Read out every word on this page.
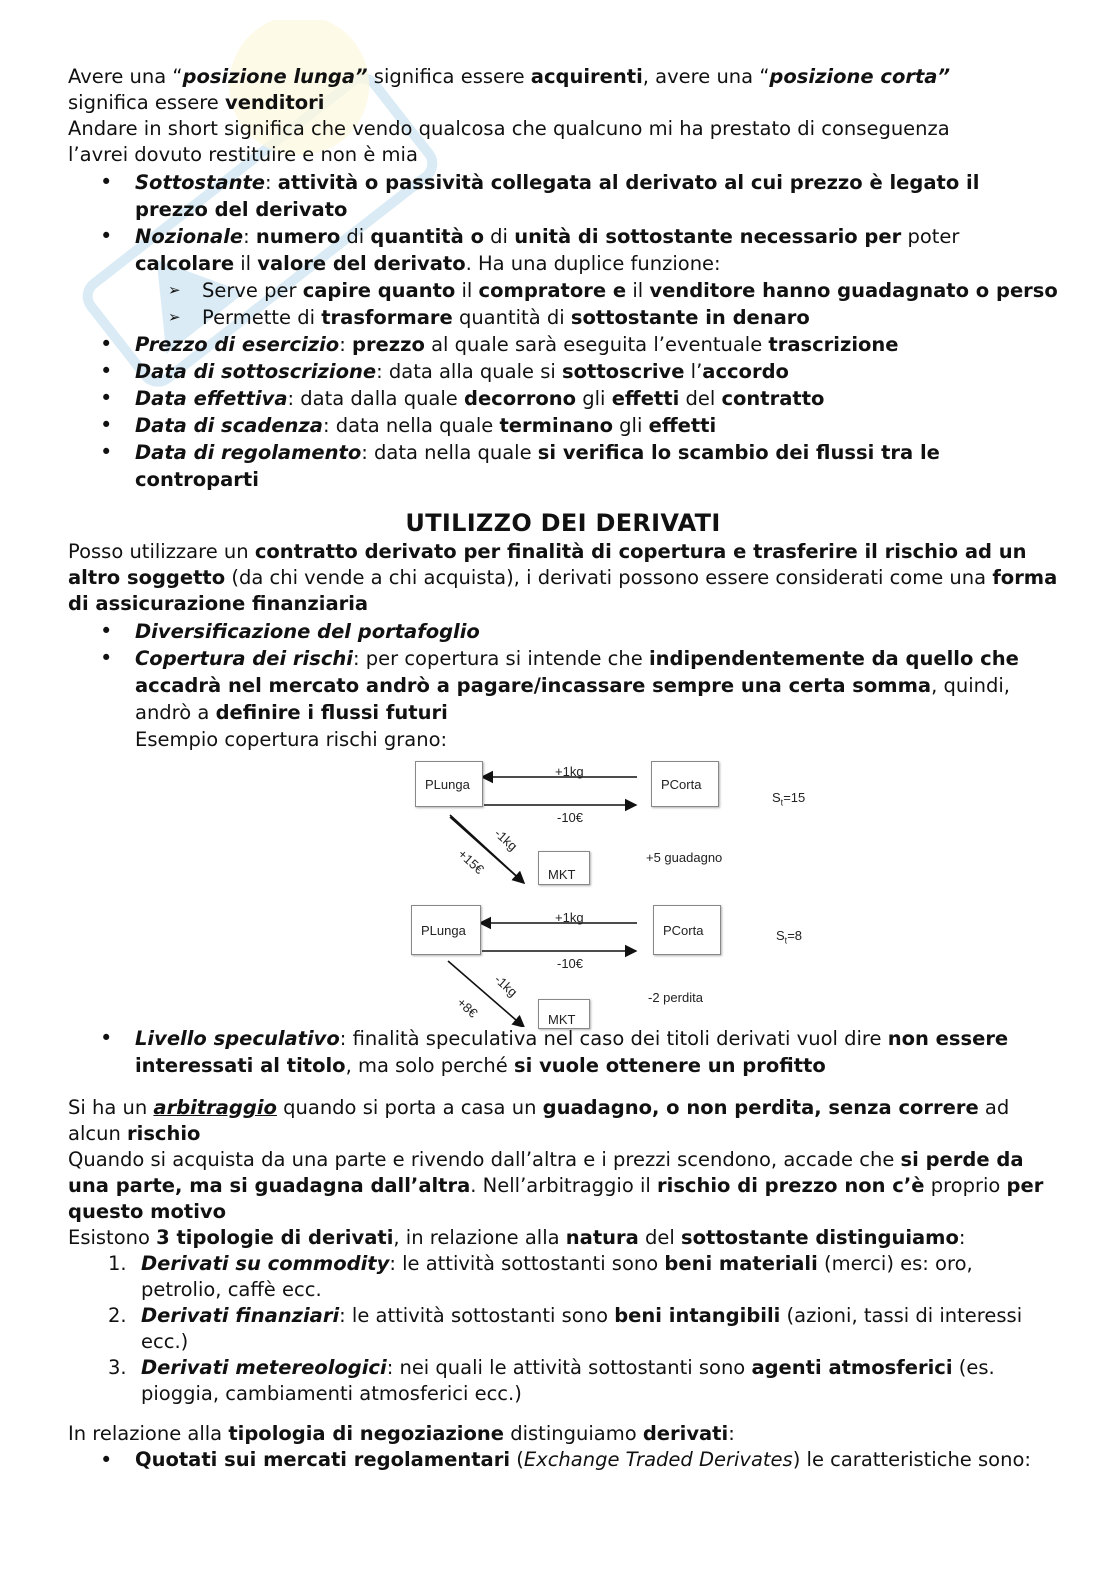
Avere una “posizione lunga” significa essere acquirenti, avere una “posizione corta”

significa essere venditori

Andare in short significa che vendo qualcosa che qualcuno mi ha prestato di conseguenza

l’avrei dovuto restituire e non è mia

• Sottostante: attività o passività collegata al derivato al cui prezzo è legato il prezzo del derivato
• Nozionale: numero di quantità o di unità di sottostante necessario per poter calcolare il valore del derivato. Ha una duplice funzione:
➢ Serve per capire quanto il compratore e il venditore hanno guadagnato o perso
➢ Permette di trasformare quantità di sottostante in denaro
• Prezzo di esercizio: prezzo al quale sarà eseguita l’eventuale trascrizione
• Data di sottoscrizione: data alla quale si sottoscrive l’accordo
• Data effettiva: data dalla quale decorrono gli effetti del contratto
• Data di scadenza: data nella quale terminano gli effetti
• Data di regolamento: data nella quale si verifica lo scambio dei flussi tra le controparti
UTILIZZO DEI DERIVATI

Posso utilizzare un contratto derivato per finalità di copertura e trasferire il rischio ad un altro soggetto (da chi vende a chi acquista), i derivati possono essere considerati come una forma di assicurazione finanziaria

• Diversificazione del portafoglio
• Copertura dei rischi: per copertura si intende che indipendentemente da quello che accadrà nel mercato andrò a pagare/incassare sempre una certa somma, quindi, andrò a definire i flussi futuri
Esempio copertura rischi grano:
PLunga	PCorta
MKT
+1kg
-10€
-1kg
+15€	+5 guadagno
$S_t=15$
PLunga	PCorta
MKT
+1kg
-10€
-1kg
+8€	-2 perdita
$S_t=8$
• Livello speculativo: finalità speculativa nel caso dei titoli derivati vuol dire non essere interessati al titolo, ma solo perché si vuole ottenere un profitto

Si ha un arbitraggio quando si porta a casa un guadagno, o non perdita, senza correre ad alcun rischio

Quando si acquista da una parte e rivendo dall’altra e i prezzi scendono, accade che si perde da una parte, ma si guadagna dall’altra. Nell’arbitraggio il rischio di prezzo non c’è proprio per questo motivo

Esistono 3 tipologie di derivati, in relazione alla natura del sottostante distinguiamo:

1. Derivati su commodity: le attività sottostanti sono beni materiali (merci) es: oro, petrolio, caffè ecc.
2. Derivati finanziari: le attività sottostanti sono beni intangibili (azioni, tassi di interessi ecc.)
3. Derivati metereologici: nei quali le attività sottostanti sono agenti atmosferici (es. pioggia, cambiamenti atmosferici ecc.)

In relazione alla tipologia di negoziazione distinguiamo derivati:

• Quotati sui mercati regolamentari (Exchange Traded Derivates) le caratteristiche sono:
